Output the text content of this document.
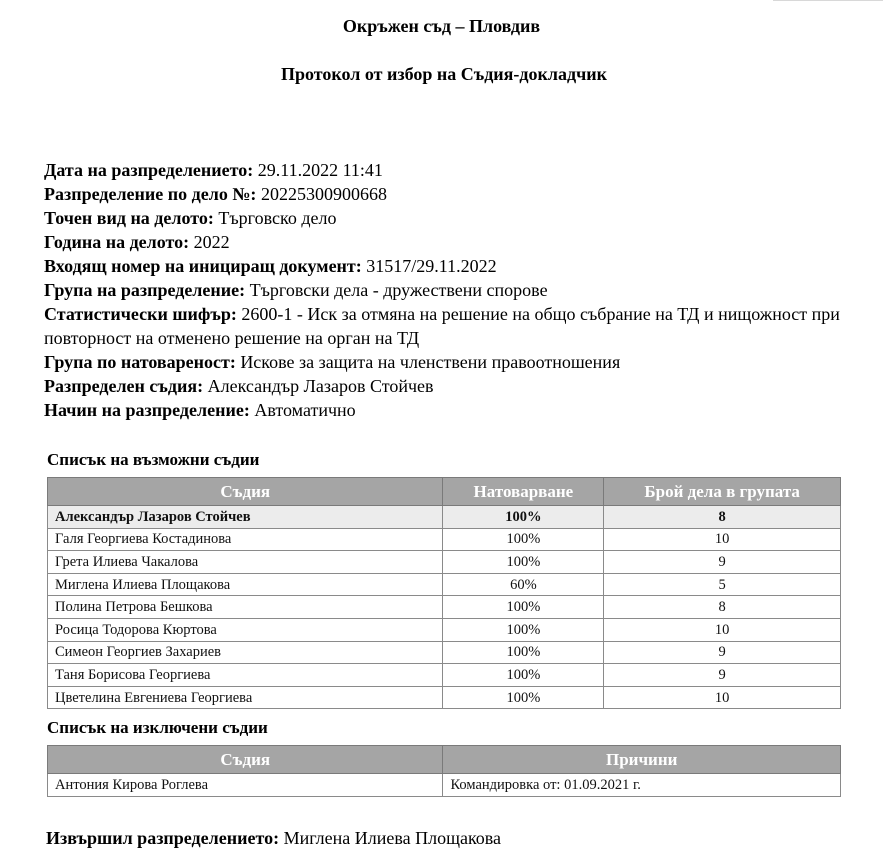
Окръжен съд – Пловдив
Протокол от избор на Съдия-докладчик
Дата на разпределението: 29.11.2022 11:41
Разпределение по дело №: 20225300900668
Точен вид на делото: Търговско дело
Година на делото: 2022
Входящ номер на инициращ документ: 31517/29.11.2022
Група на разпределение: Търговски дела - дружествени спорове
Статистически шифър: 2600-1 - Иск за отмяна на решение на общо събрание на ТД и нищожност при повторност на отменено решение на орган на ТД
Група по натовареност: Искове за защита на членствени правоотношения
Разпределен съдия: Александър Лазаров Стойчев
Начин на разпределение: Автоматично
Списък на възможни съдии
Съдия	Натоварване	Брой дела в групата
Александър Лазаров Стойчев	100%	8
Галя Георгиева Костадинова	100%	10
Грета Илиева Чакалова	100%	9
Миглена Илиева Площакова	60%	5
Полина Петрова Бешкова	100%	8
Росица Тодорова Кюртова	100%	10
Симеон Георгиев Захариев	100%	9
Таня Борисова Георгиева	100%	9
Цветелина Евгениева Георгиева	100%	10
Списък на изключени съдии
Съдия	Причини
Антония Кирова Роглева	Командировка от: 01.09.2021 г.
Извършил разпределението: Миглена Илиева Площакова
